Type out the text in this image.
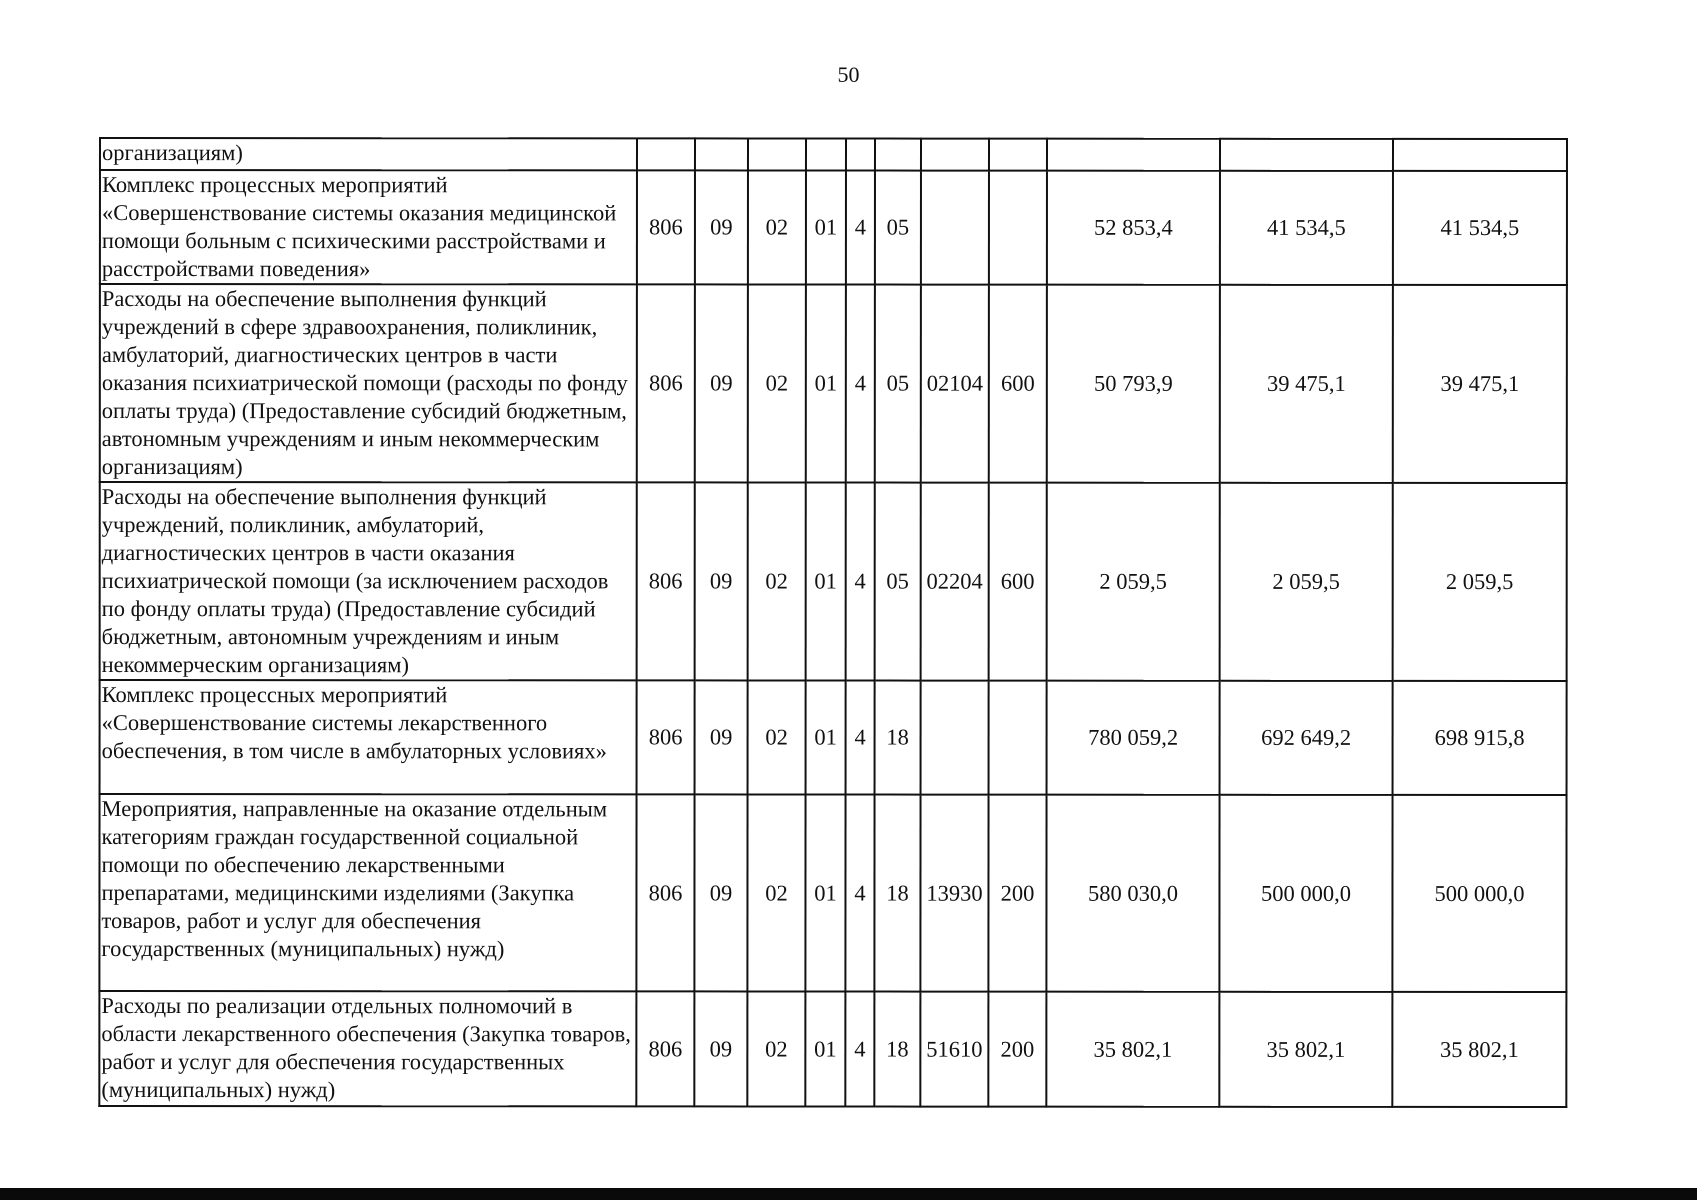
50
организациям)											
Комплекс процессных мероприятий «Совершенствование системы оказания медицинской помощи больным с психическими расстройствами и расстройствами поведения»	806	09	02	01	4	05			52 853,4	41 534,5	41 534,5
Расходы на обеспечение выполнения функций учреждений в сфере здравоохранения, поликлиник, амбулаторий, диагностических центров в части оказания психиатрической помощи (расходы по фонду оплаты труда) (Предоставление субсидий бюджетным, автономным учреждениям и иным некоммерческим организациям)	806	09	02	01	4	05	02104	600	50 793,9	39 475,1	39 475,1
Расходы на обеспечение выполнения функций учреждений, поликлиник, амбулаторий, диагностических центров в части оказания психиатрической помощи (за исключением расходов по фонду оплаты труда) (Предоставление субсидий бюджетным, автономным учреждениям и иным некоммерческим организациям)	806	09	02	01	4	05	02204	600	2 059,5	2 059,5	2 059,5
Комплекс процессных мероприятий «Совершенствование системы лекарственного обеспечения, в том числе в амбулаторных условиях»	806	09	02	01	4	18			780 059,2	692 649,2	698 915,8
Мероприятия, направленные на оказание отдельным категориям граждан государственной социальной помощи по обеспечению лекарственными препаратами, медицинскими изделиями (Закупка товаров, работ и услуг для обеспечения государственных (муниципальных) нужд)	806	09	02	01	4	18	13930	200	580 030,0	500 000,0	500 000,0
Расходы по реализации отдельных полномочий в области лекарственного обеспечения (Закупка товаров, работ и услуг для обеспечения государственных (муниципальных) нужд)	806	09	02	01	4	18	51610	200	35 802,1	35 802,1	35 802,1
